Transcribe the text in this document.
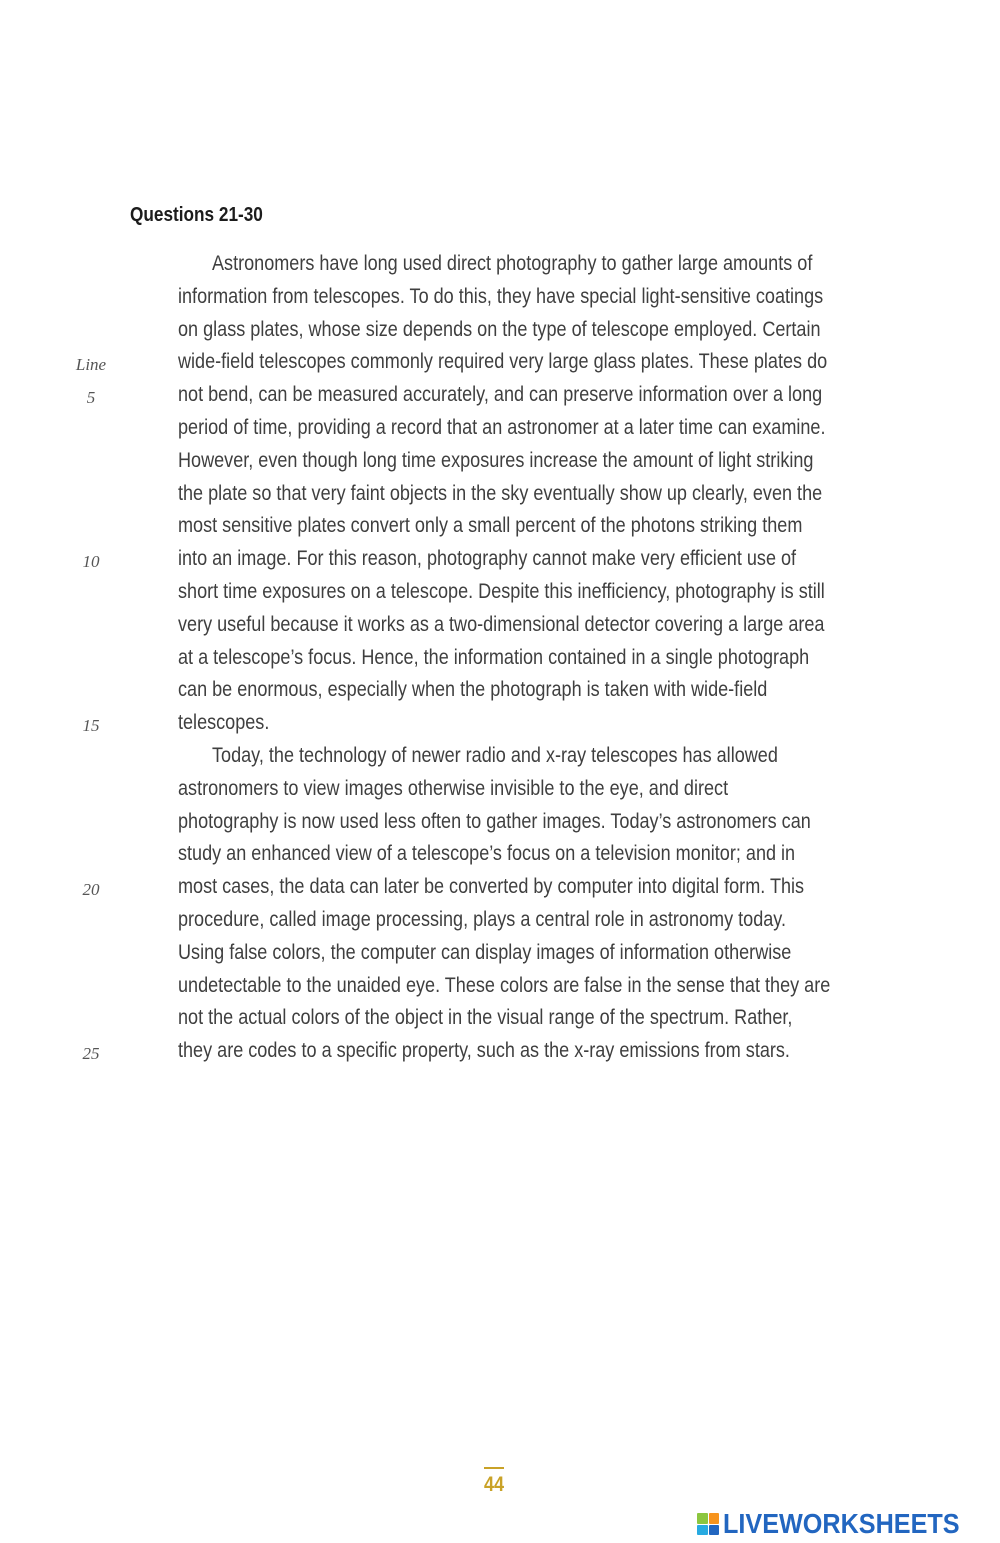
Questions 21-30
Astronomers have long used direct photography to gather large amounts of
information from telescopes. To do this, they have special light-sensitive coatings
on glass plates, whose size depends on the type of telescope employed. Certain
Line	wide-field telescopes commonly required very large glass plates. These plates do
5	not bend, can be measured accurately, and can preserve information over a long
period of time, providing a record that an astronomer at a later time can examine.
However, even though long time exposures increase the amount of light striking
the plate so that very faint objects in the sky eventually show up clearly, even the
most sensitive plates convert only a small percent of the photons striking them
10	into an image. For this reason, photography cannot make very efficient use of
short time exposures on a telescope. Despite this inefficiency, photography is still
very useful because it works as a two-dimensional detector covering a large area
at a telescope’s focus. Hence, the information contained in a single photograph
can be enormous, especially when the photograph is taken with wide-field
15	telescopes.
Today, the technology of newer radio and x-ray telescopes has allowed
astronomers to view images otherwise invisible to the eye, and direct
photography is now used less often to gather images. Today’s astronomers can
study an enhanced view of a telescope’s focus on a television monitor; and in
20	most cases, the data can later be converted by computer into digital form. This
procedure, called image processing, plays a central role in astronomy today.
Using false colors, the computer can display images of information otherwise
undetectable to the unaided eye. These colors are false in the sense that they are
not the actual colors of the object in the visual range of the spectrum. Rather,
25	they are codes to a specific property, such as the x-ray emissions from stars.
44
LIVEWORKSHEETS
